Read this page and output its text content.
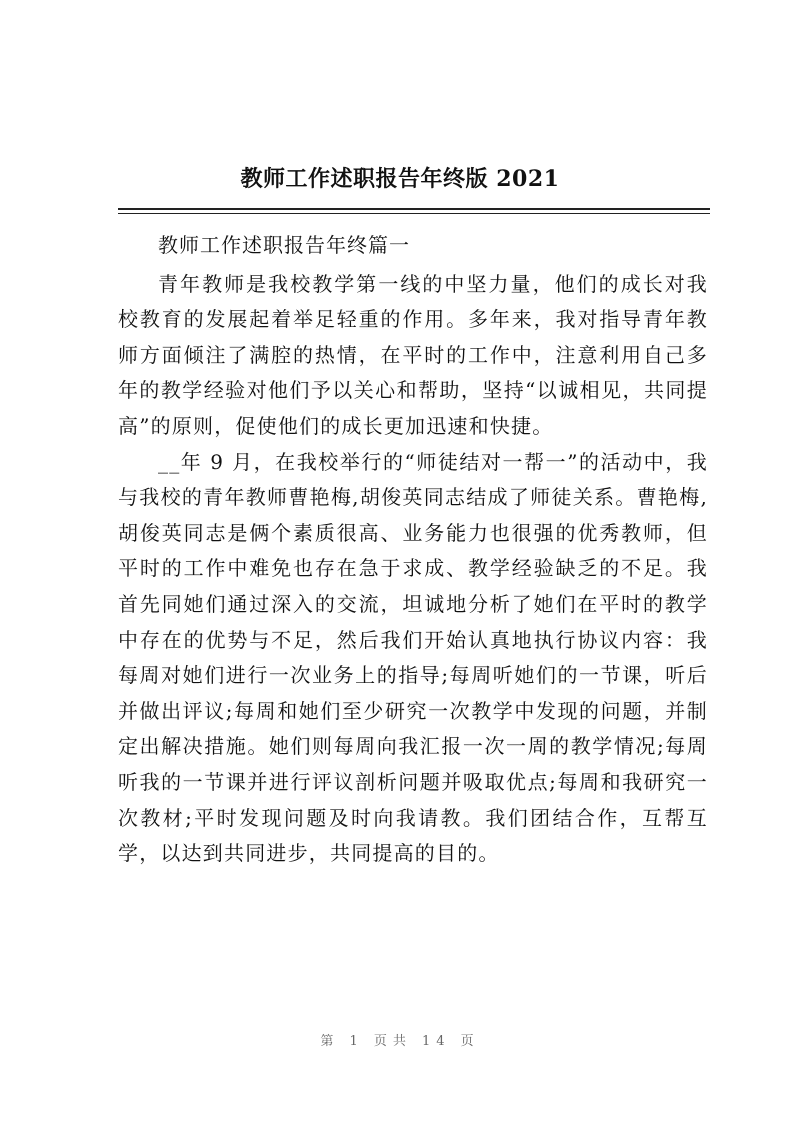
教师工作述职报告年终版 2021
教师工作述职报告年终篇一

青年教师是我校教学第一线的中坚力量，他们的成长对我校教育的发展起着举足轻重的作用。多年来，我对指导青年教师方面倾注了满腔的热情，在平时的工作中，注意利用自己多年的教学经验对他们予以关心和帮助，坚持“以诚相见，共同提高”的原则，促使他们的成长更加迅速和快捷。

__年 9 月，在我校举行的“师徒结对一帮一”的活动中，我与我校的青年教师曹艳梅,胡俊英同志结成了师徒关系。曹艳梅,胡俊英同志是俩个素质很高、业务能力也很强的优秀教师，但平时的工作中难免也存在急于求成、教学经验缺乏的不足。我首先同她们通过深入的交流，坦诚地分析了她们在平时的教学中存在的优势与不足，然后我们开始认真地执行协议内容：我每周对她们进行一次业务上的指导;每周听她们的一节课，听后并做出评议;每周和她们至少研究一次教学中发现的问题，并制定出解决措施。她们则每周向我汇报一次一周的教学情况;每周听我的一节课并进行评议剖析问题并吸取优点;每周和我研究一次教材;平时发现问题及时向我请教。我们团结合作，互帮互学，以达到共同进步，共同提高的目的。

第 1 页共 14 页
